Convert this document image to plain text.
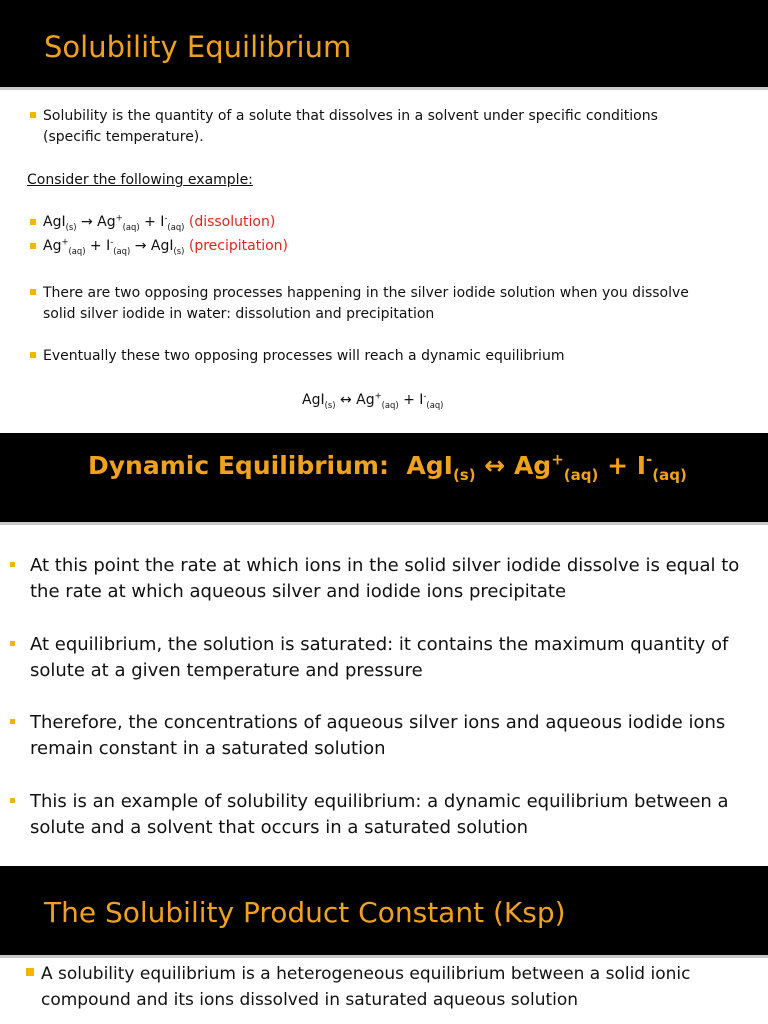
Solubility Equilibrium
Solubility is the quantity of a solute that dissolves in a solvent under specific conditions
(specific temperature).
Consider the following example:
$AgI_{(s)} \to Ag^+_{(aq)} + I^-_{(aq)}$ (dissolution)
$Ag^+_{(aq)} + I^-_{(aq)} \to AgI_{(s)}$ (precipitation)
There are two opposing processes happening in the silver iodide solution when you dissolve
solid silver iodide in water: dissolution and precipitation
Eventually these two opposing processes will reach a dynamic equilibrium
AgI$_{(s)}$ ↔ $Ag^+_{(aq)} + I^-_{(aq)}$
Dynamic Equilibrium:  AgI$_{(s)}$ ↔ $Ag^+_{(aq)} + I^-_{(aq)}$
At this point the rate at which ions in the solid silver iodide dissolve is equal to
the rate at which aqueous silver and iodide ions precipitate
At equilibrium, the solution is saturated: it contains the maximum quantity of
solute at a given temperature and pressure
Therefore, the concentrations of aqueous silver ions and aqueous iodide ions
remain constant in a saturated solution
This is an example of solubility equilibrium: a dynamic equilibrium between a
solute and a solvent that occurs in a saturated solution
The Solubility Product Constant (Ksp)
A solubility equilibrium is a heterogeneous equilibrium between a solid ionic
compound and its ions dissolved in saturated aqueous solution
